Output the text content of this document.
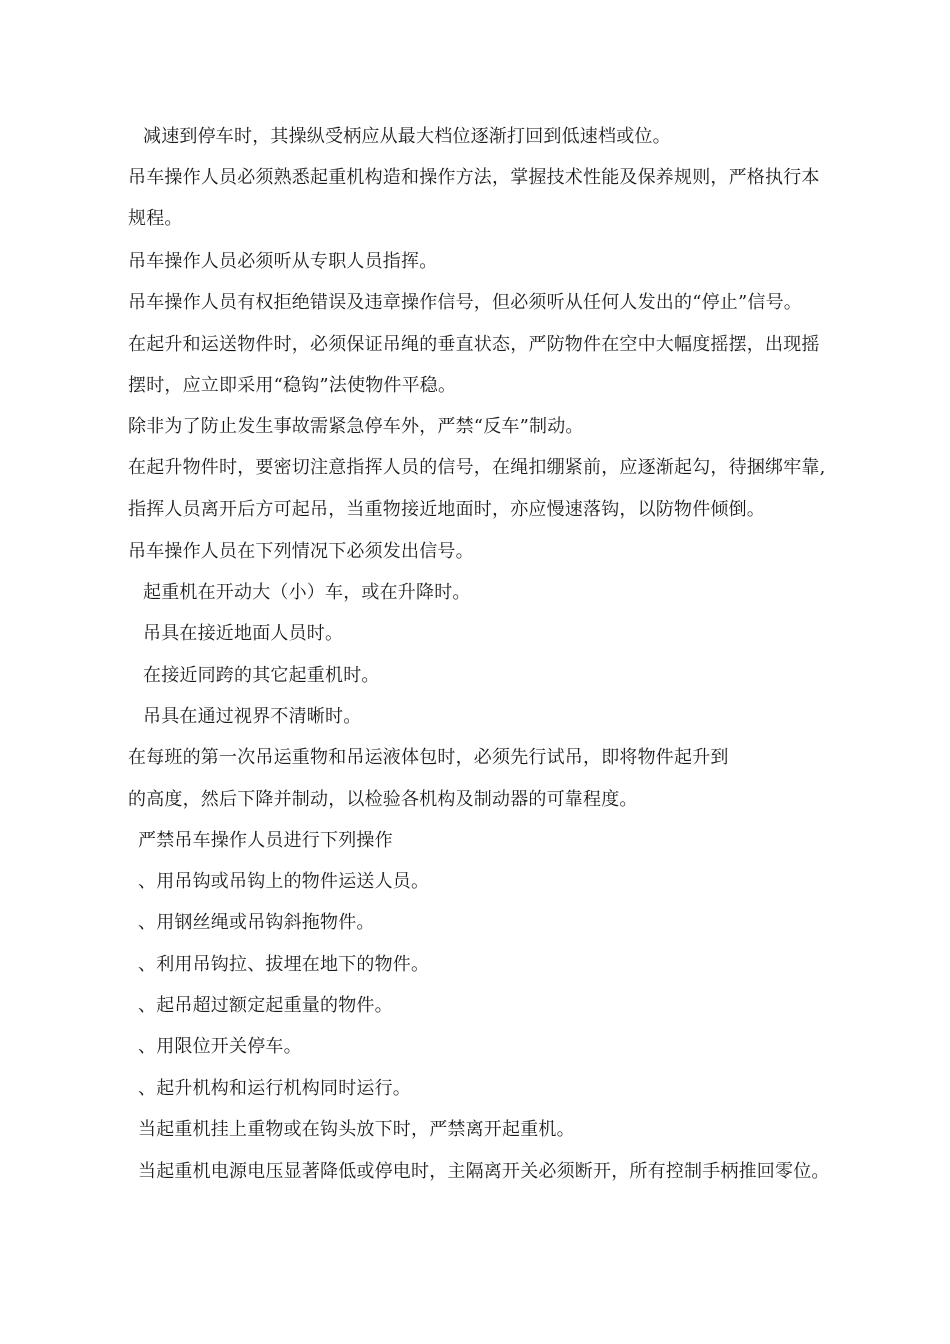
减速到停车时，其操纵受柄应从最大档位逐渐打回到低速档或位。
吊车操作人员必须熟悉起重机构造和操作方法，掌握技术性能及保养规则，严格执行本
规程。
吊车操作人员必须听从专职人员指挥。
吊车操作人员有权拒绝错误及违章操作信号，但必须听从任何人发出的“停止”信号。
在起升和运送物件时，必须保证吊绳的垂直状态，严防物件在空中大幅度摇摆，出现摇
摆时，应立即采用“稳钩”法使物件平稳。
除非为了防止发生事故需紧急停车外，严禁“反车”制动。
在起升物件时，要密切注意指挥人员的信号，在绳扣绷紧前，应逐渐起勾，待捆绑牢靠,
指挥人员离开后方可起吊，当重物接近地面时，亦应慢速落钩，以防物件倾倒。
吊车操作人员在下列情况下必须发出信号。
起重机在开动大（小）车，或在升降时。
吊具在接近地面人员时。
在接近同跨的其它起重机时。
吊具在通过视界不清晰时。
在每班的第一次吊运重物和吊运液体包时，必须先行试吊，即将物件起升到
的高度，然后下降并制动，以检验各机构及制动器的可靠程度。
严禁吊车操作人员进行下列操作
、用吊钩或吊钩上的物件运送人员。
、用钢丝绳或吊钩斜拖物件。
、利用吊钩拉、拔埋在地下的物件。
、起吊超过额定起重量的物件。
、用限位开关停车。
、起升机构和运行机构同时运行。
当起重机挂上重物或在钩头放下时，严禁离开起重机。
当起重机电源电压显著降低或停电时，主隔离开关必须断开，所有控制手柄推回零位。
